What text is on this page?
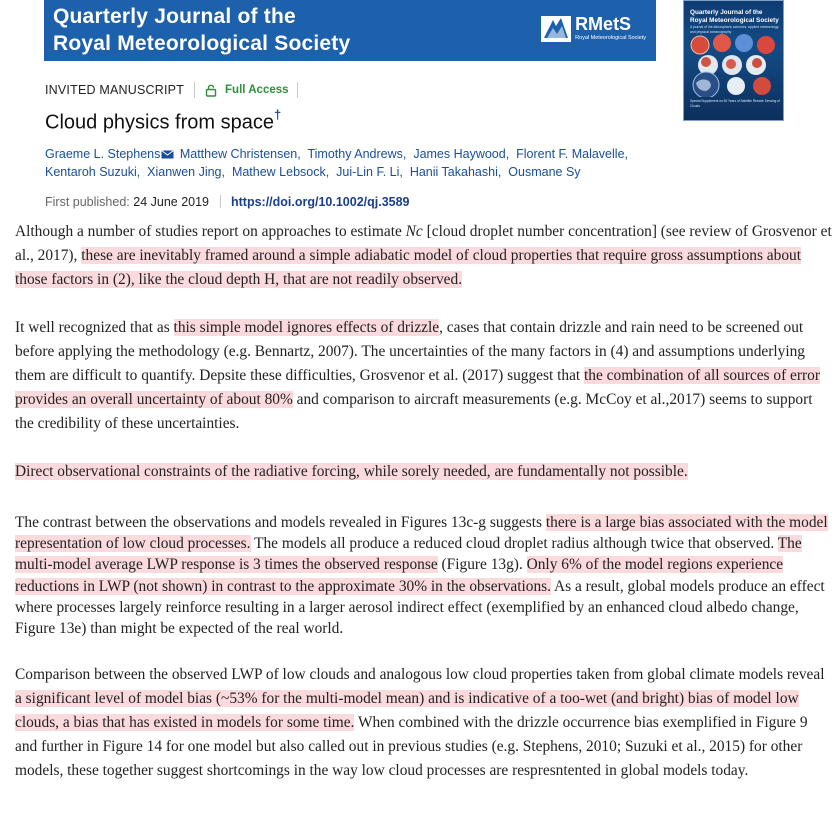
Quarterly Journal of the
Royal Meteorological Society
RMetS
Royal Meteorological Society
Quarterly Journal of the Royal Meteorological Society
A journal of the atmospheric sciences, applied meteorology and physical oceanography
Special Supplement on 50 Years of Satellite Remote Sensing of Clouds
INVITED MANUSCRIPT	Full Access
Cloud physics from space†
Graeme L. Stephens Matthew Christensen, Timothy Andrews, James Haywood, Florent F. Malavelle,
Kentaroh Suzuki, Xianwen Jing, Mathew Lebsock, Jui-Lin F. Li, Hanii Takahashi, Ousmane Sy
First published: 24 June 2019 https://doi.org/10.1002/qj.3589

Although a number of studies report on approaches to estimate Nc [cloud droplet number concentration] (see review of Grosvenor et al., 2017), these are inevitably framed around a simple adiabatic model of cloud properties that require gross assumptions about those factors in (2), like the cloud depth H, that are not readily observed.

It well recognized that as this simple model ignores effects of drizzle, cases that contain drizzle and rain need to be screened out before applying the methodology (e.g. Bennartz, 2007). The uncertainties of the many factors in (4) and assumptions underlying them are difficult to quantify. Depsite these difficulties, Grosvenor et al. (2017) suggest that the combination of all sources of error provides an overall uncertainty of about 80% and comparison to aircraft measurements (e.g. McCoy et al.,2017) seems to support the credibility of these uncertainties.

Direct observational constraints of the radiative forcing, while sorely needed, are fundamentally not possible.

The contrast between the observations and models revealed in Figures 13c-g suggests there is a large bias associated with the model representation of low cloud processes. The models all produce a reduced cloud droplet radius although twice that observed. The multi-model average LWP response is 3 times the observed response (Figure 13g). Only 6% of the model regions experience reductions in LWP (not shown) in contrast to the approximate 30% in the observations. As a result, global models produce an effect where processes largely reinforce resulting in a larger aerosol indirect effect (exemplified by an enhanced cloud albedo change, Figure 13e) than might be expected of the real world.

Comparison between the observed LWP of low clouds and analogous low cloud properties taken from global climate models reveal a significant level of model bias (~53% for the multi-model mean) and is indicative of a too-wet (and bright) bias of model low clouds, a bias that has existed in models for some time. When combined with the drizzle occurrence bias exemplified in Figure 9 and further in Figure 14 for one model but also called out in previous studies (e.g. Stephens, 2010; Suzuki et al., 2015) for other models, these together suggest shortcomings in the way low cloud processes are respresntented in global models today.
